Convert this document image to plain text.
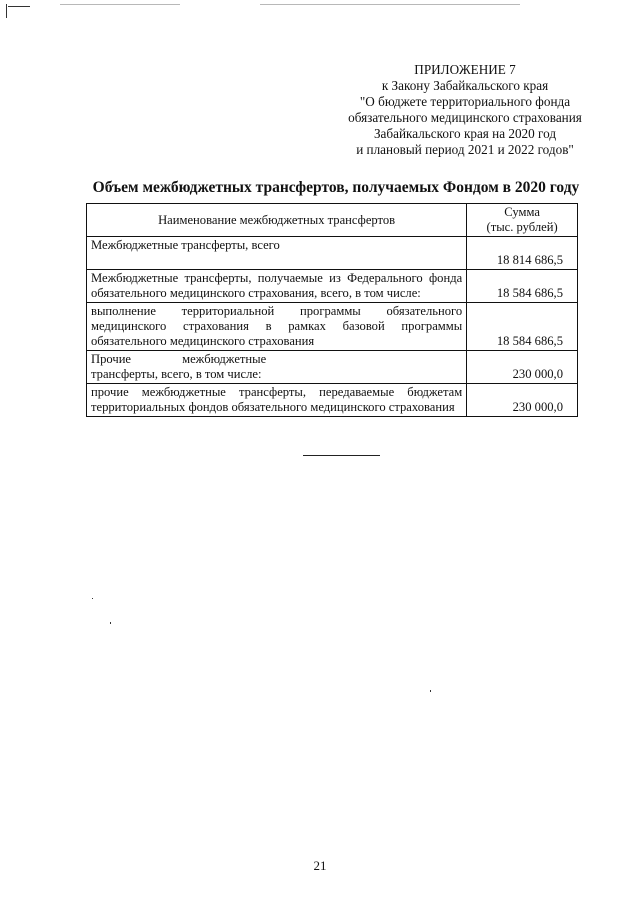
ПРИЛОЖЕНИЕ 7
к Закону Забайкальского края
"О бюджете территориального фонда
обязательного медицинского страхования
Забайкальского края на 2020 год
и плановый период 2021 и 2022 годов"
Объем межбюджетных трансфертов, получаемых Фондом в 2020 году
Наименование межбюджетных трансфертов	Сумма
(тыс. рублей)

Межбюджетные трансферты, всего	18 814 686,5
Межбюджетные трансферты, получаемые из Федерального фонда обязательного медицинского страхования, всего, в том числе:	18 584 686,5
выполнение территориальной программы обязательного медицинского страхования в рамках базовой программы обязательного медицинского страхования	18 584 686,5
Прочие межбюджетные трансферты, всего, в том числе:	230 000,0
прочие межбюджетные трансферты, передаваемые бюджетам территориальных фондов обязательного медицинского страхования	230 000,0
21
